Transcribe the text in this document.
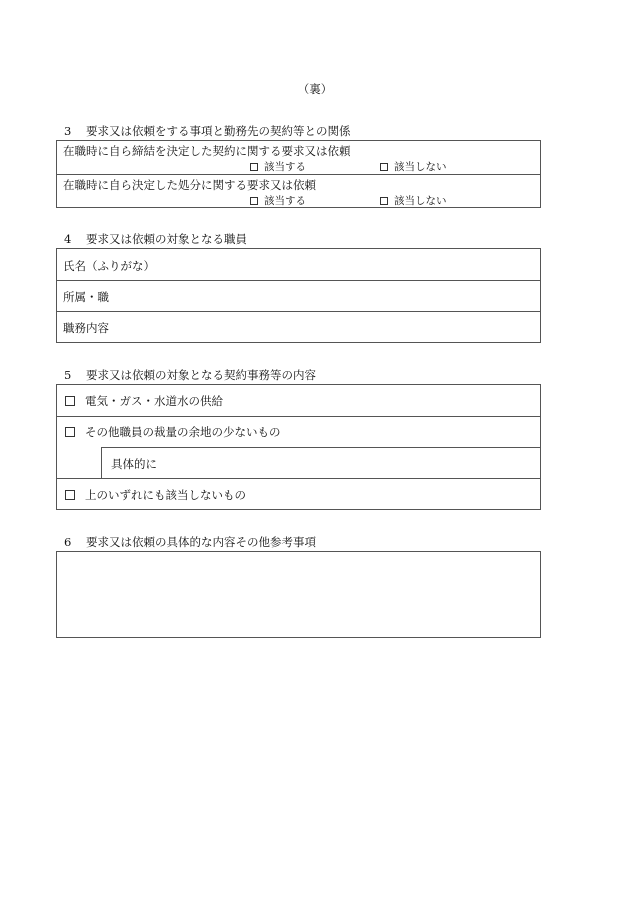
（裏）
3 要求又は依頼をする事項と勤務先の契約等との関係
在職時に自ら締結を決定した契約に関する要求又は依頼
該当する	該当しない
在職時に自ら決定した処分に関する要求又は依頼
該当する	該当しない
4 要求又は依頼の対象となる職員
氏名（ふりがな）
所属・職
職務内容
5 要求又は依頼の対象となる契約事務等の内容
電気・ガス・水道水の供給
その他職員の裁量の余地の少ないもの
具体的に
上のいずれにも該当しないもの
6 要求又は依頼の具体的な内容その他参考事項
